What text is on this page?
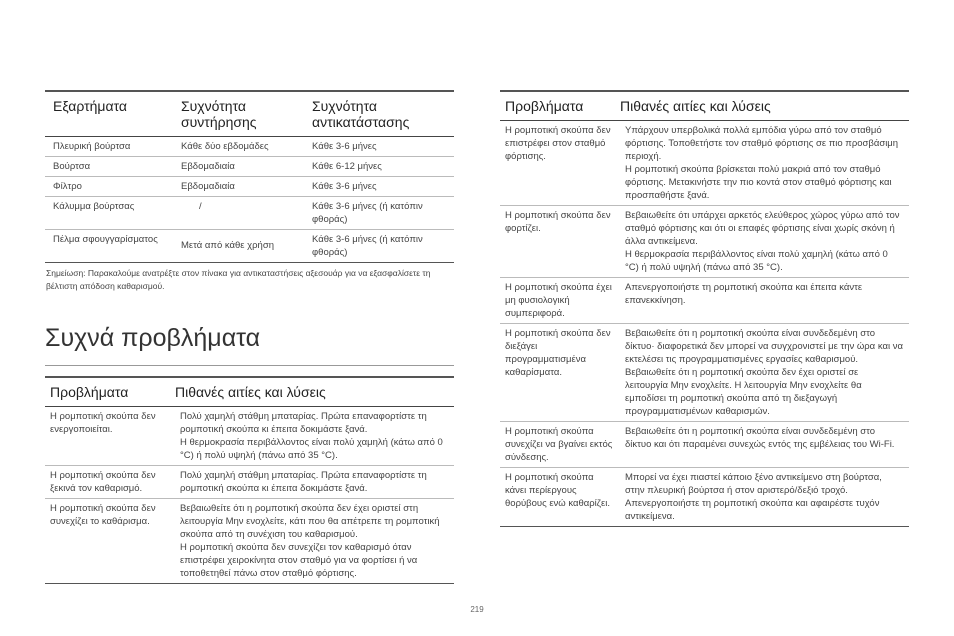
Εξαρτήματα	Συχνότητα συντήρησης	Συχνότητα αντικατάστασης
Πλευρική βούρτσα	Κάθε δύο εβδομάδες	Κάθε 3-6 μήνες
Βούρτσα	Εβδομαδιαία	Κάθε 6-12 μήνες
Φίλτρο	Εβδομαδιαία	Κάθε 3-6 μήνες
Κάλυμμα βούρτσας	/	Κάθε 3-6 μήνες (ή κατόπιν φθοράς)
Πέλμα σφουγγαρίσματος	Μετά από κάθε χρήση	Κάθε 3-6 μήνες (ή κατόπιν φθοράς)
Σημείωση: Παρακαλούμε ανατρέξτε στον πίνακα για αντικαταστήσεις αξεσουάρ για να εξασφαλίσετε τη βέλτιστη απόδοση καθαρισμού.
Συχνά προβλήματα

Προβλήματα	Πιθανές αιτίες και λύσεις
Η ρομποτική σκούπα δεν ενεργοποιείται.	Πολύ χαμηλή στάθμη μπαταρίας. Πρώτα επαναφορτίστε τη ρομποτική σκούπα κι έπειτα δοκιμάστε ξανά.
Η θερμοκρασία περιβάλλοντος είναι πολύ χαμηλή (κάτω από 0 °C) ή πολύ υψηλή (πάνω από 35 °C).

Η ρομποτική σκούπα δεν ξεκινά τον καθαρισμό.	Πολύ χαμηλή στάθμη μπαταρίας. Πρώτα επαναφορτίστε τη ρομποτική σκούπα κι έπειτα δοκιμάστε ξανά.

Η ρομποτική σκούπα δεν συνεχίζει το καθάρισμα.	Βεβαιωθείτε ότι η ρομποτική σκούπα δεν έχει οριστεί στη λειτουργία Μην ενοχλείτε, κάτι που θα απέτρεπε τη ρομποτική σκούπα από τη συνέχιση του καθαρισμού.
Η ρομποτική σκούπα δεν συνεχίζει τον καθαρισμό όταν επιστρέφει χειροκίνητα στον σταθμό για να φορτίσει ή να τοποθετηθεί πάνω στον σταθμό φόρτισης.

Προβλήματα	Πιθανές αιτίες και λύσεις
Η ρομποτική σκούπα δεν επιστρέφει στον σταθμό φόρτισης.	Υπάρχουν υπερβολικά πολλά εμπόδια γύρω από τον σταθμό φόρτισης. Τοποθετήστε τον σταθμό φόρτισης σε πιο προσβάσιμη περιοχή.
Η ρομποτική σκούπα βρίσκεται πολύ μακριά από τον σταθμό φόρτισης. Μετακινήστε την πιο κοντά στον σταθμό φόρτισης και προσπαθήστε ξανά.

Η ρομποτική σκούπα δεν φορτίζει.	Βεβαιωθείτε ότι υπάρχει αρκετός ελεύθερος χώρος γύρω από τον σταθμό φόρτισης και ότι οι επαφές φόρτισης είναι χωρίς σκόνη ή άλλα αντικείμενα.
Η θερμοκρασία περιβάλλοντος είναι πολύ χαμηλή (κάτω από 0 °C) ή πολύ υψηλή (πάνω από 35 °C).

Η ρομποτική σκούπα έχει μη φυσιολογική συμπεριφορά.	Απενεργοποιήστε τη ρομποτική σκούπα και έπειτα κάντε επανεκκίνηση.

Η ρομποτική σκούπα δεν διεξάγει προγραμματισμένα καθαρίσματα.	Βεβαιωθείτε ότι η ρομποτική σκούπα είναι συνδεδεμένη στο δίκτυο· διαφορετικά δεν μπορεί να συγχρονιστεί με την ώρα και να εκτελέσει τις προγραμματισμένες εργασίες καθαρισμού.
Βεβαιωθείτε ότι η ρομποτική σκούπα δεν έχει οριστεί σε λειτουργία Μην ενοχλείτε. Η λειτουργία Μην ενοχλείτε θα εμποδίσει τη ρομποτική σκούπα από τη διεξαγωγή προγραμματισμένων καθαρισμών.

Η ρομποτική σκούπα συνεχίζει να βγαίνει εκτός σύνδεσης.	Βεβαιωθείτε ότι η ρομποτική σκούπα είναι συνδεδεμένη στο δίκτυο και ότι παραμένει συνεχώς εντός της εμβέλειας του Wi-Fi.

Η ρομποτική σκούπα κάνει περίεργους θορύβους ενώ καθαρίζει.	Μπορεί να έχει πιαστεί κάποιο ξένο αντικείμενο στη βούρτσα, στην πλευρική βούρτσα ή στον αριστερό/δεξιό τροχό. Απενεργοποιήστε τη ρομποτική σκούπα και αφαιρέστε τυχόν αντικείμενα.
219
